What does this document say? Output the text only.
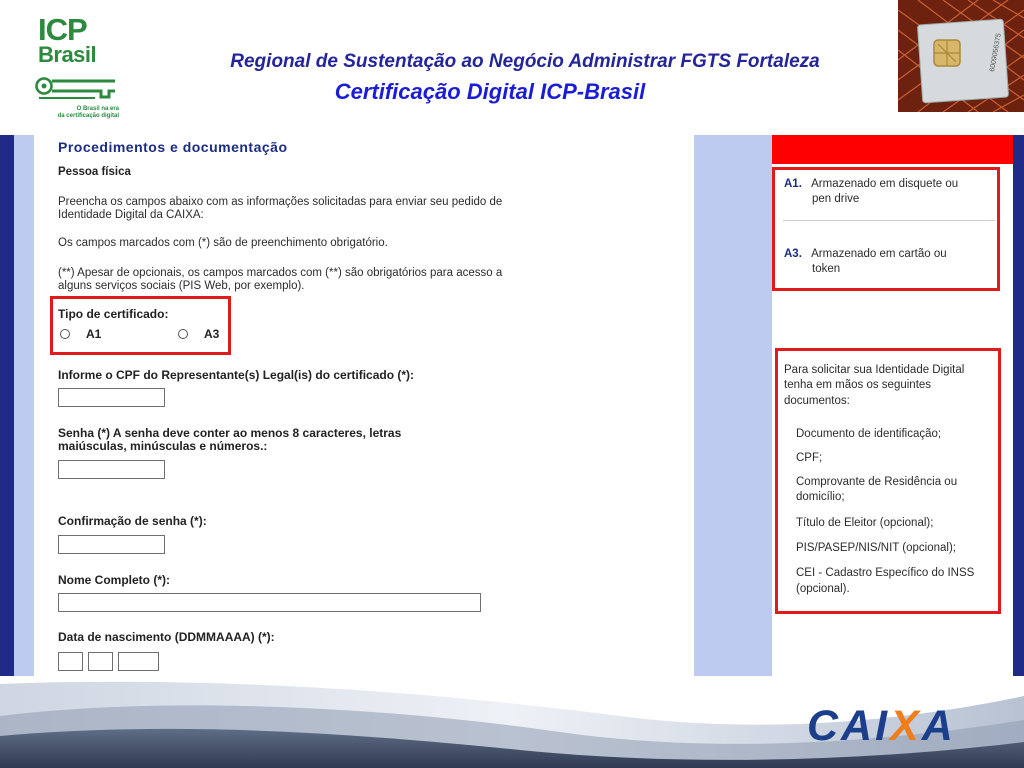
ICP
Brasil
O Brasil na era
da certificação digital
Regional de Sustentação ao Negócio Administrar FGTS Fortaleza
Certificação Digital ICP-Brasil
6009056375
Procedimentos e documentação
Pessoa física
Preencha os campos abaixo com as informações solicitadas para enviar seu pedido de
Identidade Digital da CAIXA:
Os campos marcados com (*) são de preenchimento obrigatório.
(**) Apesar de opcionais, os campos marcados com (**) são obrigatórios para acesso a
alguns serviços sociais (PIS Web, por exemplo).
Tipo de certificado:
A1	A3
Informe o CPF do Representante(s) Legal(is) do certificado (*):
Senha (*) A senha deve conter ao menos 8 caracteres, letras
maiúsculas, minúsculas e números.:
Confirmação de senha (*):
Nome Completo (*):
Data de nascimento (DDMMAAAA) (*):
A1. Armazenado em disquete ou
pen drive
A3. Armazenado em cartão ou
token
Para solicitar sua Identidade Digital
tenha em mãos os seguintes
documentos:
Documento de identificação;
CPF;
Comprovante de Residência ou
domicílio;
Título de Eleitor (opcional);
PIS/PASEP/NIS/NIT (opcional);
CEI - Cadastro Específico do INSS
(opcional).
CAIXA
